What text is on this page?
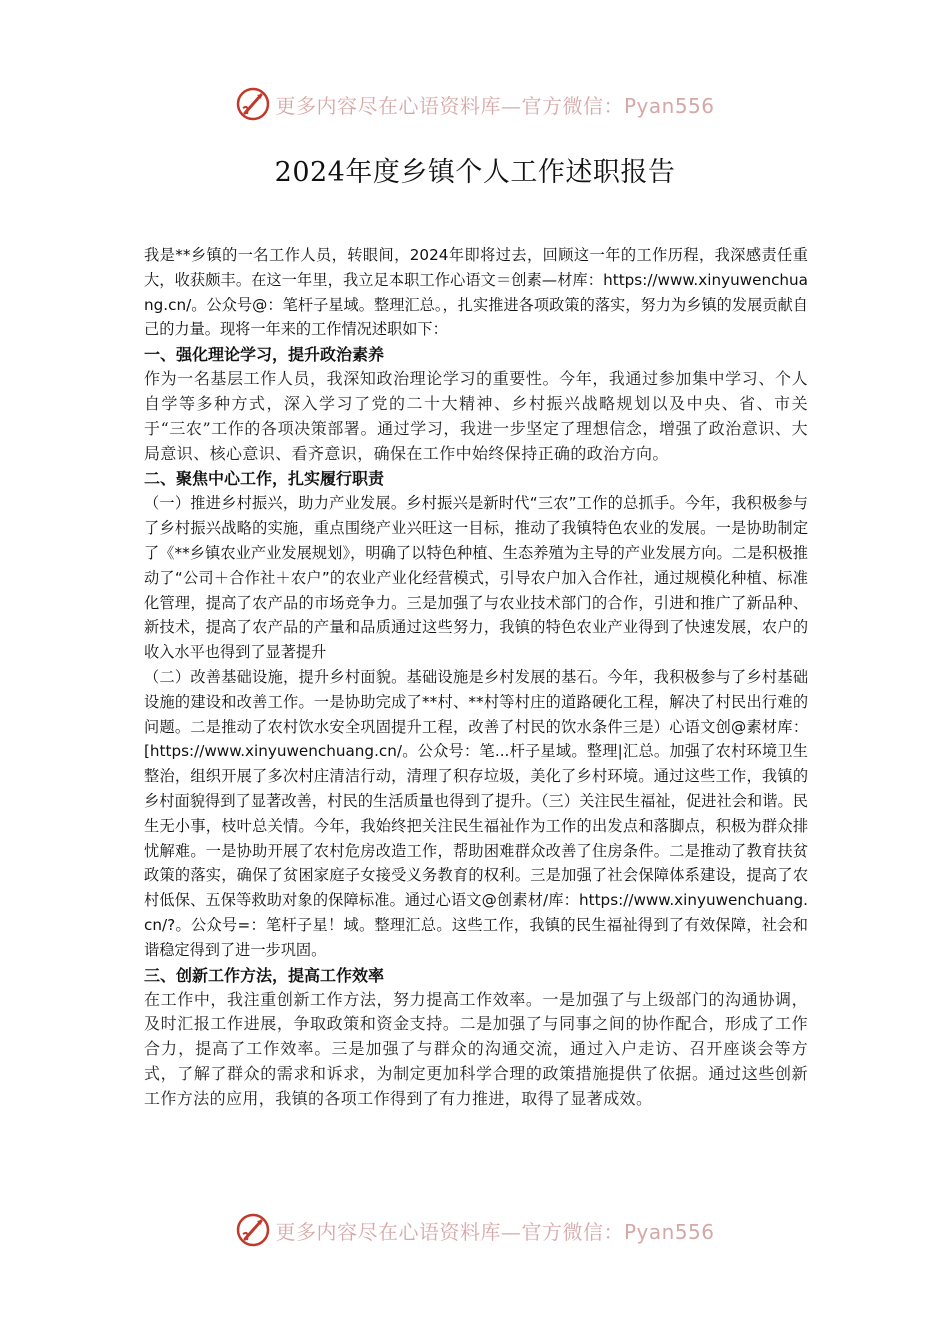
更多内容尽在心语资料库—官方微信：Pyan556
2024年度乡镇个人工作述职报告

我是**乡镇的一名工作人员，转眼间，2024年即将过去，回顾这一年的工作历程，我深感责任重大，收获颇丰。在这一年里，我立足本职工作心语文＝创素—材库：https://www.xinyuwenchuang.cn/。公众号@：笔杆子星域。整理汇总。，扎实推进各项政策的落实，努力为乡镇的发展贡献自己的力量。现将一年来的工作情况述职如下：

一、强化理论学习，提升政治素养

作为一名基层工作人员，我深知政治理论学习的重要性。今年，我通过参加集中学习、个人自学等多种方式，深入学习了党的二十大精神、乡村振兴战略规划以及中央、省、市关于“三农”工作的各项决策部署。通过学习，我进一步坚定了理想信念，增强了政治意识、大局意识、核心意识、看齐意识，确保在工作中始终保持正确的政治方向。

二、聚焦中心工作，扎实履行职责

（一）推进乡村振兴，助力产业发展。乡村振兴是新时代“三农”工作的总抓手。今年，我积极参与了乡村振兴战略的实施，重点围绕产业兴旺这一目标，推动了我镇特色农业的发展。一是协助制定了《**乡镇农业产业发展规划》，明确了以特色种植、生态养殖为主导的产业发展方向。二是积极推动了“公司＋合作社＋农户”的农业产业化经营模式，引导农户加入合作社，通过规模化种植、标准化管理，提高了农产品的市场竞争力。三是加强了与农业技术部门的合作，引进和推广了新品种、新技术，提高了农产品的产量和品质通过这些努力，我镇的特色农业产业得到了快速发展，农户的收入水平也得到了显著提升

（二）改善基础设施，提升乡村面貌。基础设施是乡村发展的基石。今年，我积极参与了乡村基础设施的建设和改善工作。一是协助完成了**村、**村等村庄的道路硬化工程，解决了村民出行难的问题。二是推动了农村饮水安全巩固提升工程，改善了村民的饮水条件三是）心语文创@素材库：[https://www.xinyuwenchuang.cn/。公众号：笔...杆子星域。整理|汇总。加强了农村环境卫生整治，组织开展了多次村庄清洁行动，清理了积存垃圾，美化了乡村环境。通过这些工作，我镇的乡村面貌得到了显著改善，村民的生活质量也得到了提升。（三）关注民生福祉，促进社会和谐。民生无小事，枝叶总关情。今年，我始终把关注民生福祉作为工作的出发点和落脚点，积极为群众排忧解难。一是协助开展了农村危房改造工作，帮助困难群众改善了住房条件。二是推动了教育扶贫政策的落实，确保了贫困家庭子女接受义务教育的权利。三是加强了社会保障体系建设，提高了农村低保、五保等救助对象的保障标准。通过心语文@创素材/库：https://www.xinyuwenchuang.cn/?。公众号=：笔杆子星！域。整理汇总。这些工作，我镇的民生福祉得到了有效保障，社会和谐稳定得到了进一步巩固。

三、创新工作方法，提高工作效率

在工作中，我注重创新工作方法，努力提高工作效率。一是加强了与上级部门的沟通协调，及时汇报工作进展，争取政策和资金支持。二是加强了与同事之间的协作配合，形成了工作合力，提高了工作效率。三是加强了与群众的沟通交流，通过入户走访、召开座谈会等方式，了解了群众的需求和诉求，为制定更加科学合理的政策措施提供了依据。通过这些创新工作方法的应用，我镇的各项工作得到了有力推进，取得了显著成效。

更多内容尽在心语资料库—官方微信：Pyan556
